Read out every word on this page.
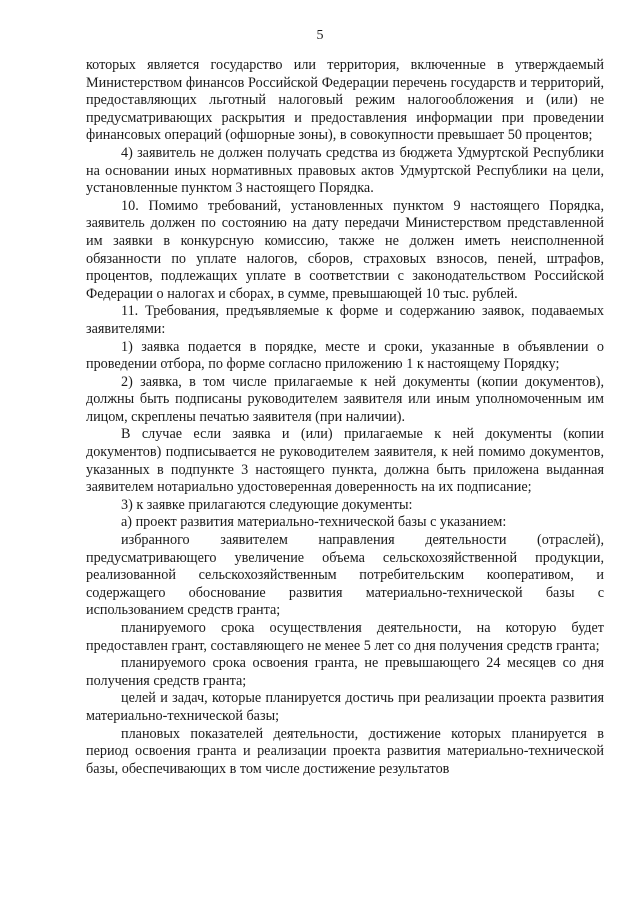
5

которых является государство или территория, включенные в утверждаемый Министерством финансов Российской Федерации перечень государств и территорий, предоставляющих льготный налоговый режим налогообложения и (или) не предусматривающих раскрытия и предоставления информации при проведении финансовых операций (офшорные зоны), в совокупности превышает 50 процентов;

4) заявитель не должен получать средства из бюджета Удмуртской Республики на основании иных нормативных правовых актов Удмуртской Республики на цели, установленные пунктом 3 настоящего Порядка.

10. Помимо требований, установленных пунктом 9 настоящего Порядка, заявитель должен по состоянию на дату передачи Министерством представленной им заявки в конкурсную комиссию, также не должен иметь неисполненной обязанности по уплате налогов, сборов, страховых взносов, пеней, штрафов, процентов, подлежащих уплате в соответствии с законодательством Российской Федерации о налогах и сборах, в сумме, превышающей 10 тыс. рублей.

11. Требования, предъявляемые к форме и содержанию заявок, подаваемых заявителями:

1) заявка подается в порядке, месте и сроки, указанные в объявлении о проведении отбора, по форме согласно приложению 1 к настоящему Порядку;

2) заявка, в том числе прилагаемые к ней документы (копии документов), должны быть подписаны руководителем заявителя или иным уполномоченным им лицом, скреплены печатью заявителя (при наличии).

В случае если заявка и (или) прилагаемые к ней документы (копии документов) подписывается не руководителем заявителя, к ней помимо документов, указанных в подпункте 3 настоящего пункта, должна быть приложена выданная заявителем нотариально удостоверенная доверенность на их подписание;

3) к заявке прилагаются следующие документы:

а) проект развития материально-технической базы с указанием:

избранного заявителем направления деятельности (отраслей), предусматривающего увеличение объема сельскохозяйственной продукции, реализованной сельскохозяйственным потребительским кооперативом, и содержащего обоснование развития материально-технической базы с использованием средств гранта;

планируемого срока осуществления деятельности, на которую будет предоставлен грант, составляющего не менее 5 лет со дня получения средств гранта;

планируемого срока освоения гранта, не превышающего 24 месяцев со дня получения средств гранта;

целей и задач, которые планируется достичь при реализации проекта развития материально-технической базы;

плановых показателей деятельности, достижение которых планируется в период освоения гранта и реализации проекта развития материально-технической базы, обеспечивающих в том числе достижение результатов
